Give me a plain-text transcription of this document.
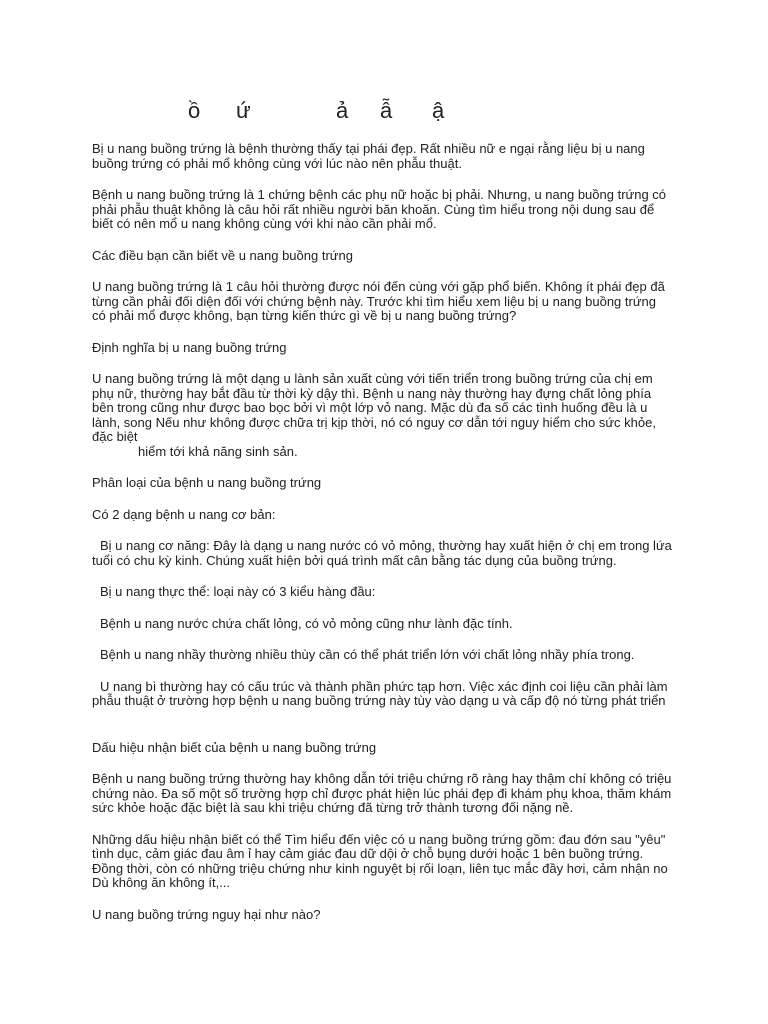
ồ ứ	ả ẫ ậ

Bị u nang buồng trứng là bệnh thường thấy tại phái đẹp. Rất nhiều nữ e ngại rằng liệu bị u nang buồng trứng có phải mổ không cùng với lúc nào nên phẫu thuật.

Bệnh u nang buồng trứng là 1 chứng bệnh các phụ nữ hoặc bị phải. Nhưng, u nang buồng trứng có phải phẫu thuật không là câu hỏi rất nhiều người băn khoăn. Cùng tìm hiểu trong nội dung sau để biết có nên mổ u nang không cùng với khi nào cần phải mổ.

Các điều bạn cần biết về u nang buồng trứng

U nang buồng trứng là 1 câu hỏi thường được nói đến cùng với gặp phổ biến. Không ít phái đẹp đã từng cần phải đối diện đối với chứng bệnh này. Trước khi tìm hiểu xem liệu bị u nang buồng trứng có phải mổ được không, bạn từng kiến thức gì về bị u nang buồng trứng?

Định nghĩa bị u nang buồng trứng

U nang buồng trứng là một dạng u lành sản xuất cùng với tiến triển trong buồng trứng của chị em phụ nữ, thường hay bắt đầu từ thời kỳ dậy thì. Bệnh u nang này thường hay đựng chất lỏng phía bên trong cũng như được bao bọc bởi vì một lớp vỏ nang. Mặc dù đa số các tình huống đều là u lành, song Nếu như không được chữa trị kịp thời, nó có nguy cơ dẫn tới nguy hiểm cho sức khỏe, đặc biệt
hiểm tới khả năng sinh sản.

Phân loại của bệnh u nang buồng trứng

Có 2 dạng bệnh u nang cơ bản:

Bị u nang cơ năng: Đây là dạng u nang nước có vỏ mỏng, thường hay xuất hiện ở chị em trong lứa tuổi có chu kỳ kinh. Chúng xuất hiện bởi quá trình mất cân bằng tác dụng của buồng trứng.

Bị u nang thực thể: loại này có 3 kiểu hàng đầu:

Bệnh u nang nước chứa chất lỏng, có vỏ mỏng cũng như lành đặc tính.

Bệnh u nang nhầy thường nhiều thùy cần có thể phát triển lớn với chất lỏng nhầy phía trong.

U nang bì thường hay có cấu trúc và thành phần phức tạp hơn. Việc xác định coi liệu cần phải làm phẫu thuật ở trường hợp bệnh u nang buồng trứng này tùy vào dạng u và cấp độ nó từng phát triển

Dấu hiệu nhận biết của bệnh u nang buồng trứng

Bệnh u nang buồng trứng thường hay không dẫn tới triệu chứng rõ ràng hay thậm chí không có triệu chứng nào. Đa số một số trường hợp chỉ được phát hiện lúc phái đẹp đi khám phụ khoa, thăm khám sức khỏe hoặc đặc biệt là sau khi triệu chứng đã từng trở thành tương đối nặng nề.

Những dấu hiệu nhận biết có thể Tìm hiểu đến việc có u nang buồng trứng gồm: đau đớn sau "yêu" tình dục, cảm giác đau âm ỉ hay cảm giác đau dữ dội ở chỗ bụng dưới hoặc 1 bên buồng trứng. Đồng thời, còn có những triệu chứng như kinh nguyệt bị rối loạn, liên tục mắc đầy hơi, cảm nhận no Dù không ăn không ít,...

U nang buồng trứng nguy hại như nào?
